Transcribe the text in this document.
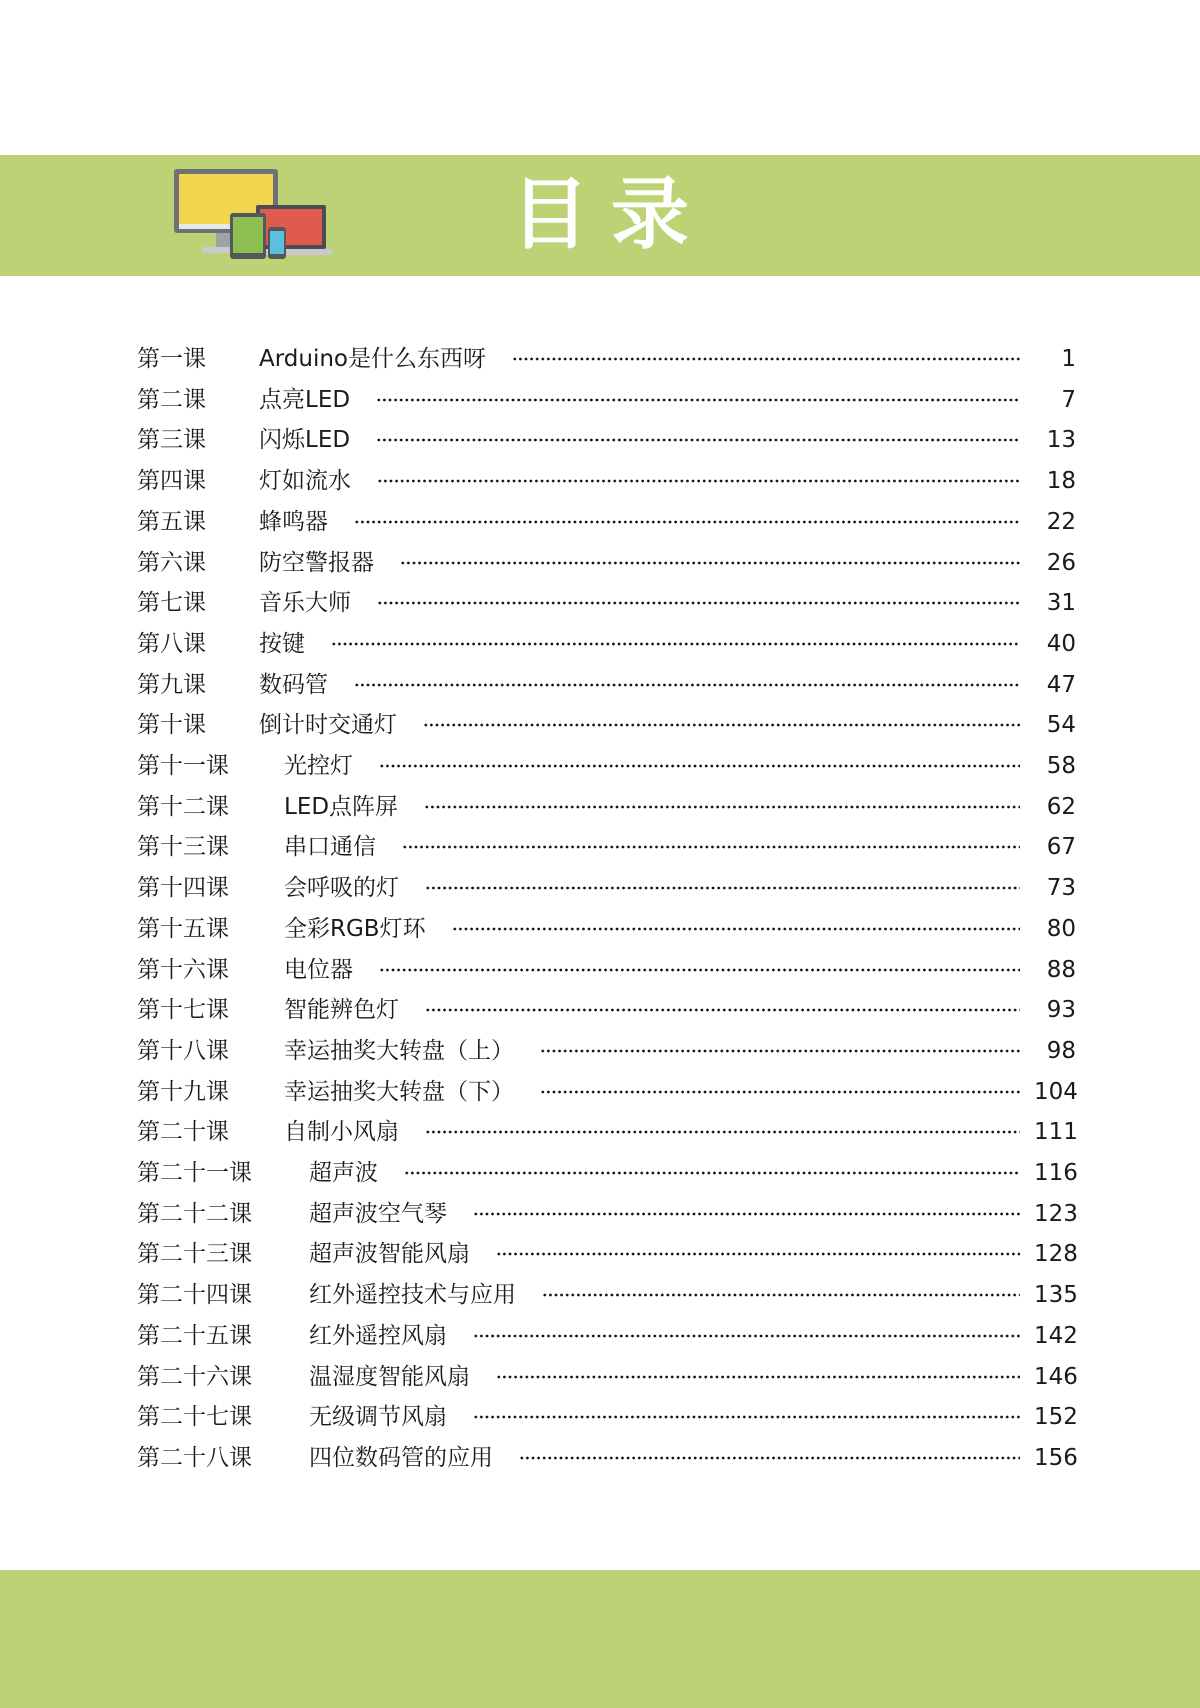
目录
第一课	Arduino是什么东西呀	1
第二课	点亮LED	7
第三课	闪烁LED	13
第四课	灯如流水	18
第五课	蜂鸣器	22
第六课	防空警报器	26
第七课	音乐大师	31
第八课	按键	40
第九课	数码管	47
第十课	倒计时交通灯	54
第十一课	光控灯	58
第十二课	LED点阵屏	62
第十三课	串口通信	67
第十四课	会呼吸的灯	73
第十五课	全彩RGB灯环	80
第十六课	电位器	88
第十七课	智能辨色灯	93
第十八课	幸运抽奖大转盘（上）	98
第十九课	幸运抽奖大转盘（下）	104
第二十课	自制小风扇	111
第二十一课	超声波	116
第二十二课	超声波空气琴	123
第二十三课	超声波智能风扇	128
第二十四课	红外遥控技术与应用	135
第二十五课	红外遥控风扇	142
第二十六课	温湿度智能风扇	146
第二十七课	无级调节风扇	152
第二十八课	四位数码管的应用	156
